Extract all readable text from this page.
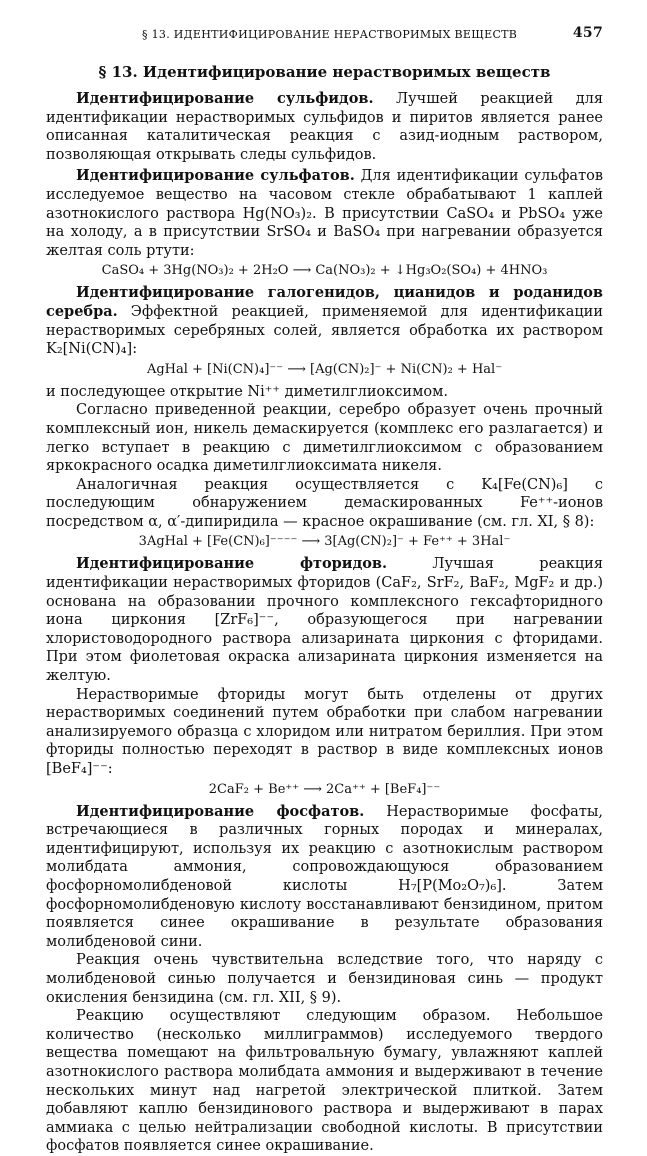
§ 13. ИДЕНТИФИЦИРОВАНИЕ НЕРАСТВОРИМЫХ ВЕЩЕСТВ	457
§ 13. Идентифицирование нерастворимых веществ

Идентифицирование сульфидов. Лучшей реакцией для идентификации нерастворимых сульфидов и пиритов является ранее описанная каталитическая реакция с азид-иодным раствором, позволяющая открывать следы сульфидов.

Идентифицирование сульфатов. Для идентификации сульфатов исследуемое вещество на часовом стекле обрабатывают 1 каплей азотнокислого раствора Hg(NO₃)₂. В присутствии CaSO₄ и PbSO₄ уже на холоду, а в присутствии SrSO₄ и BaSO₄ при нагревании образуется желтая соль ртути:

CaSO₄ + 3Hg(NO₃)₂ + 2H₂O ⟶ Ca(NO₃)₂ + ↓Hg₃O₂(SO₄) + 4HNO₃

Идентифицирование галогенидов, цианидов и роданидов серебра. Эффектной реакцией, применяемой для идентификации нерастворимых серебряных солей, является обработка их раствором K₂[Ni(CN)₄]:

AgHal + [Ni(CN)₄]⁻⁻ ⟶ [Ag(CN)₂]⁻ + Ni(CN)₂ + Hal⁻

и последующее открытие Ni⁺⁺ диметилглиоксимом.

Согласно приведенной реакции, серебро образует очень прочный комплексный ион, никель демаскируется (комплекс его разлагается) и легко вступает в реакцию с диметилглиоксимом с образованием яркокрасного осадка диметилглиоксимата никеля.

Аналогичная реакция осуществляется с K₄[Fe(CN)₆] с последующим обнаружением демаскированных Fe⁺⁺-ионов посредством α, α′-дипиридила — красное окрашивание (см. гл. XI, § 8):

3AgHal + [Fe(CN)₆]⁻⁻⁻⁻ ⟶ 3[Ag(CN)₂]⁻ + Fe⁺⁺ + 3Hal⁻

Идентифицирование фторидов. Лучшая реакция идентификации нерастворимых фторидов (CaF₂, SrF₂, BaF₂, MgF₂ и др.) основана на образовании прочного комплексного гексафторидного иона циркония [ZrF₆]⁻⁻, образующегося при нагревании хлористоводородного раствора ализарината циркония с фторидами. При этом фиолетовая окраска ализарината циркония изменяется на желтую.

Нерастворимые фториды могут быть отделены от других нерастворимых соединений путем обработки при слабом нагревании анализируемого образца с хлоридом или нитратом бериллия. При этом фториды полностью переходят в раствор в виде комплексных ионов [BeF₄]⁻⁻:

2CaF₂ + Be⁺⁺ ⟶ 2Ca⁺⁺ + [BeF₄]⁻⁻

Идентифицирование фосфатов. Нерастворимые фосфаты, встречающиеся в различных горных породах и минералах, идентифицируют, используя их реакцию с азотнокислым раствором молибдата аммония, сопровождающуюся образованием фосфорномолибденовой кислоты H₇[P(Mo₂O₇)₆]. Затем фосфорномолибденовую кислоту восстанавливают бензидином, притом появляется синее окрашивание в результате образования молибденовой сини.

Реакция очень чувствительна вследствие того, что наряду с молибденовой синью получается и бензидиновая синь — продукт окисления бензидина (см. гл. XII, § 9).

Реакцию осуществляют следующим образом. Небольшое количество (несколько миллиграммов) исследуемого твердого вещества помещают на фильтровальную бумагу, увлажняют каплей азотнокислого раствора молибдата аммония и выдерживают в течение нескольких минут над нагретой электрической плиткой. Затем добавляют каплю бензидинового раствора и выдерживают в парах аммиака с целью нейтрализации свободной кислоты. В присутствии фосфатов появляется синее окрашивание.
